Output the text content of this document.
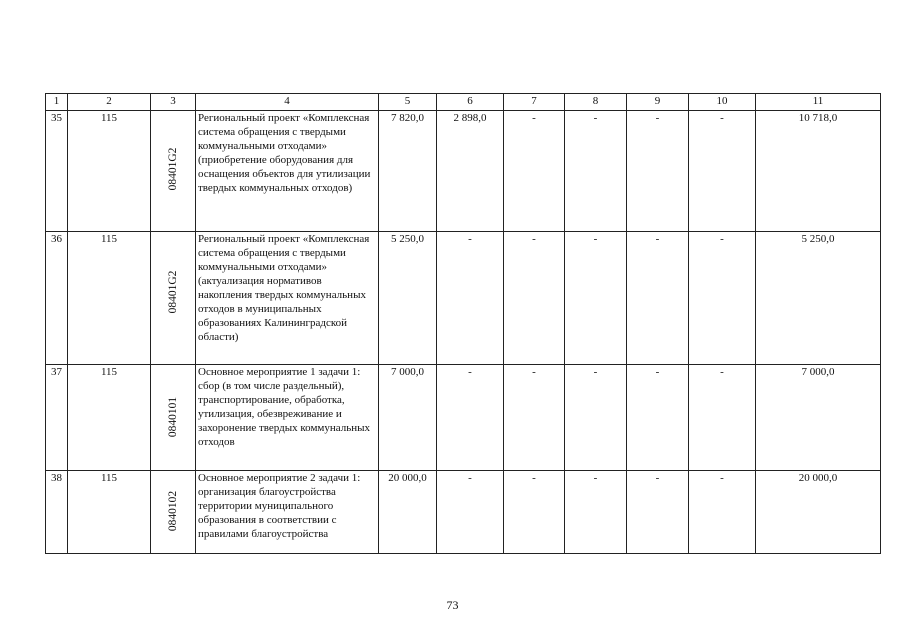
1	2	3	4	5	6	7	8	9	10	11
35	115	08401G2	Региональный проект «Комплексная система обращения с твердыми коммунальными отходами» (приобретение оборудования для оснащения объектов для утилизации твердых коммунальных отходов)	7 820,0	2 898,0	-	-	-	-	10 718,0
36	115	08401G2	Региональный проект «Комплексная система обращения с твердыми коммунальными отходами» (актуализация нормативов накопления твердых коммунальных отходов в муниципальных образованиях Калининградской области)	5 250,0	-	-	-	-	-	5 250,0
37	115	0840101	Основное мероприятие 1 задачи 1: сбор (в том числе раздельный), транспортирование, обработка, утилизация, обезвреживание и захоронение твердых коммунальных отходов	7 000,0	-	-	-	-	-	7 000,0
38	115	0840102	Основное мероприятие 2 задачи 1: организация благоустройства территории муниципального образования в соответствии с правилами благоустройства	20 000,0	-	-	-	-	-	20 000,0
73
